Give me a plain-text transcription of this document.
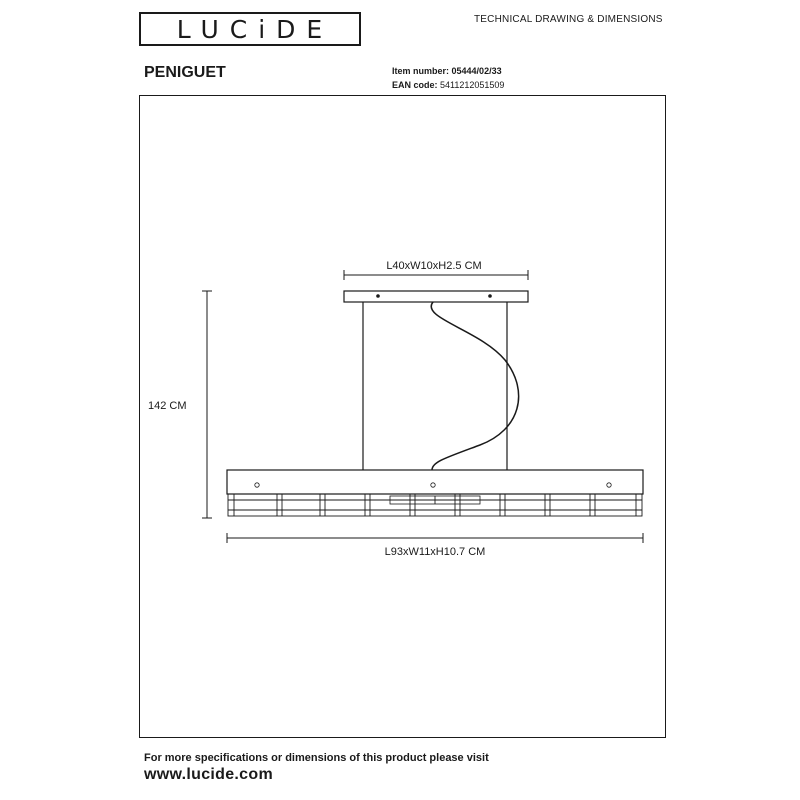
LUCiDE	TECHNICAL DRAWING & DIMENSIONS
PENIGUET	Item number: 05444/02/33
EAN code: 5411212051509
L40xW10xH2.5 CM
142 CM
L93xW11xH10.7 CM
For more specifications or dimensions of this product please visit
www.lucide.com
